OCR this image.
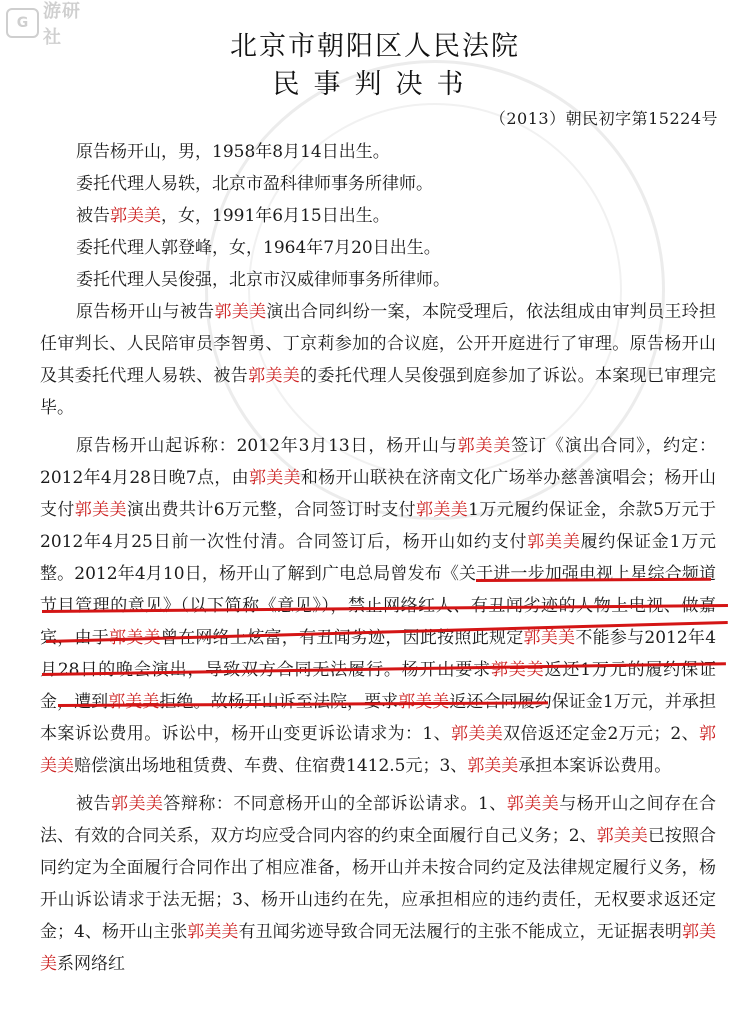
G
游研社	北京市朝阳区人民法院
民事判决书
（2013）朝民初字第15224号
原告杨开山，男，1958年8月14日出生。
委托代理人易轶，北京市盈科律师事务所律师。
被告郭美美，女，1991年6月15日出生。
委托代理人郭登峰，女，1964年7月20日出生。
委托代理人吴俊强，北京市汉威律师事务所律师。

原告杨开山与被告郭美美演出合同纠纷一案，本院受理后，依法组成由审判员王玲担任审判长、人民陪审员李智勇、丁京莉参加的合议庭，公开开庭进行了审理。原告杨开山及其委托代理人易轶、被告郭美美的委托代理人吴俊强到庭参加了诉讼。本案现已审理完毕。

原告杨开山起诉称：2012年3月13日，杨开山与郭美美签订《演出合同》，约定：2012年4月28日晚7点，由郭美美和杨开山联袂在济南文化广场举办慈善演唱会；杨开山支付郭美美演出费共计6万元整，合同签订时支付郭美美1万元履约保证金，余款5万元于2012年4月25日前一次性付清。合同签订后，杨开山如约支付郭美美履约保证金1万元整。2012年4月10日，杨开山了解到广电总局曾发布《关于进一步加强电视上星综合频道节目管理的意见》（以下简称《意见》），禁止网络红人、有丑闻劣迹的人物上电视、做嘉宾，由于郭美美曾在网络上炫富，有丑闻劣迹，因此按照此规定郭美美不能参与2012年4月28日的晚会演出，导致双方合同无法履行。杨开山要求郭美美返还1万元的履约保证金，遭到郭美美拒绝。故杨开山诉至法院，要求郭美美返还合同履约保证金1万元，并承担本案诉讼费用。诉讼中，杨开山变更诉讼请求为：1、郭美美双倍返还定金2万元；2、郭美美赔偿演出场地租赁费、车费、住宿费1412.5元；3、郭美美承担本案诉讼费用。

被告郭美美答辩称：不同意杨开山的全部诉讼请求。1、郭美美与杨开山之间存在合法、有效的合同关系，双方均应受合同内容的约束全面履行自己义务；2、郭美美已按照合同约定为全面履行合同作出了相应准备，杨开山并未按合同约定及法律规定履行义务，杨开山诉讼请求于法无据；3、杨开山违约在先，应承担相应的违约责任，无权要求返还定金；4、杨开山主张郭美美有丑闻劣迹导致合同无法履行的主张不能成立，无证据表明郭美美系网络红
